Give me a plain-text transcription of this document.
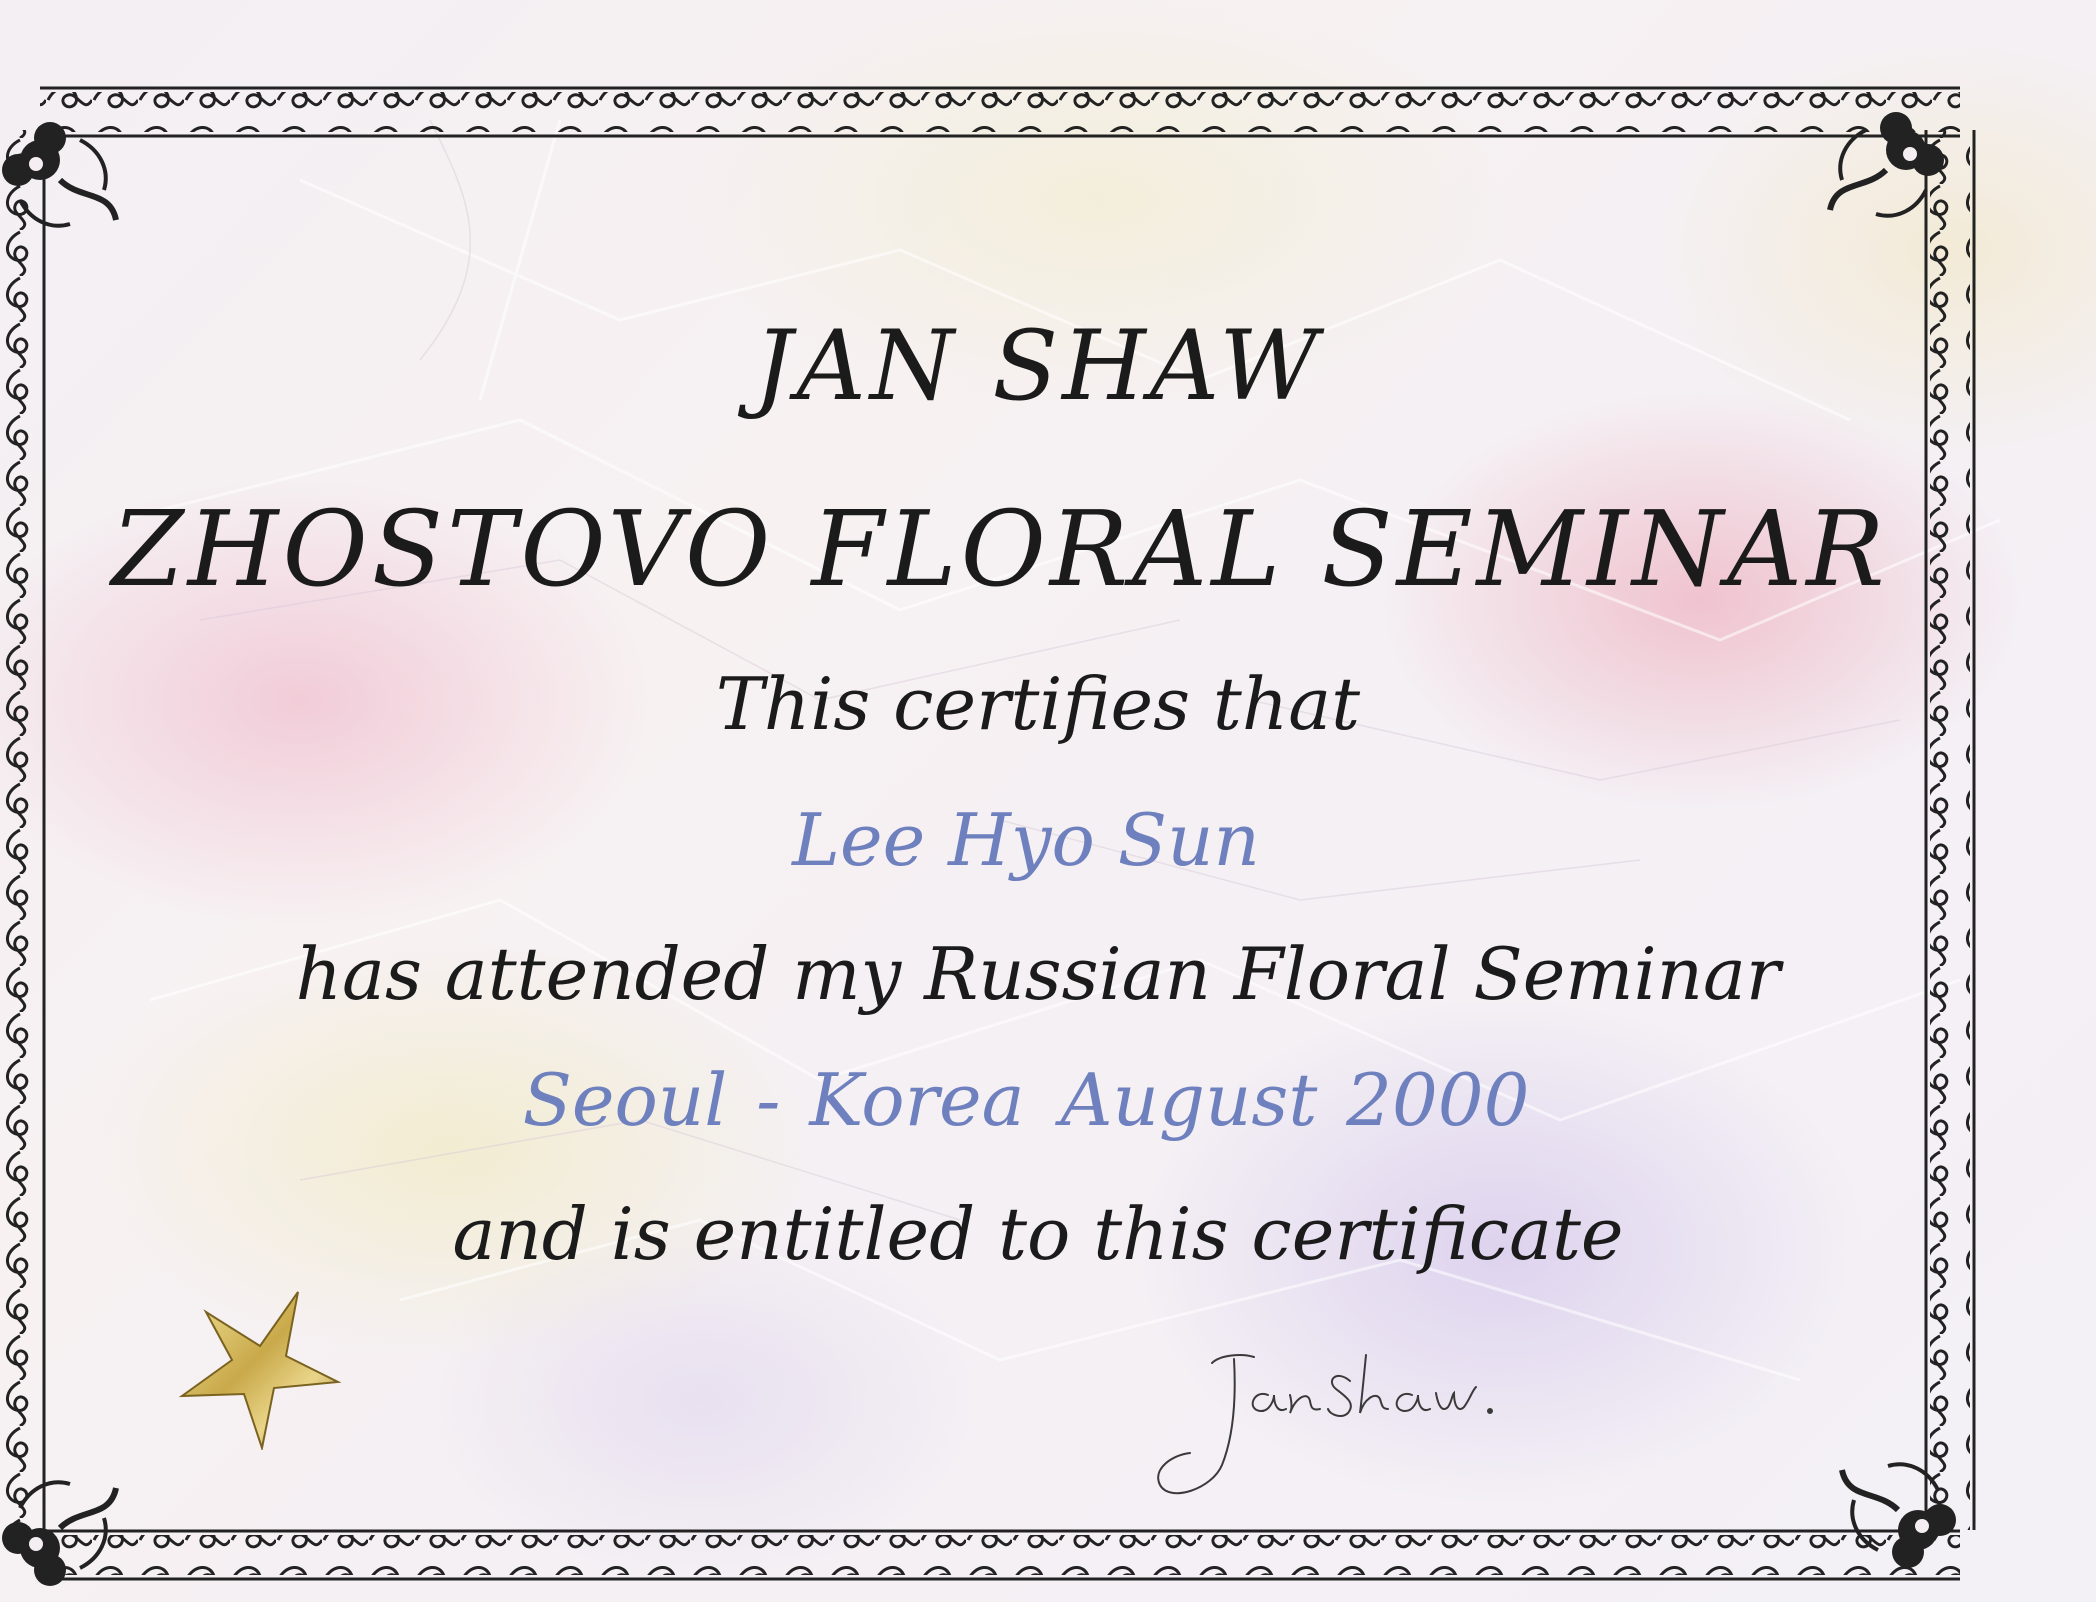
JAN SHAW
ZHOSTOVO FLORAL SEMINAR
This certifies that
Lee Hyo Sun
has attended my Russian Floral Seminar
Seoul - Korea August 2000
and is entitled to this certificate
